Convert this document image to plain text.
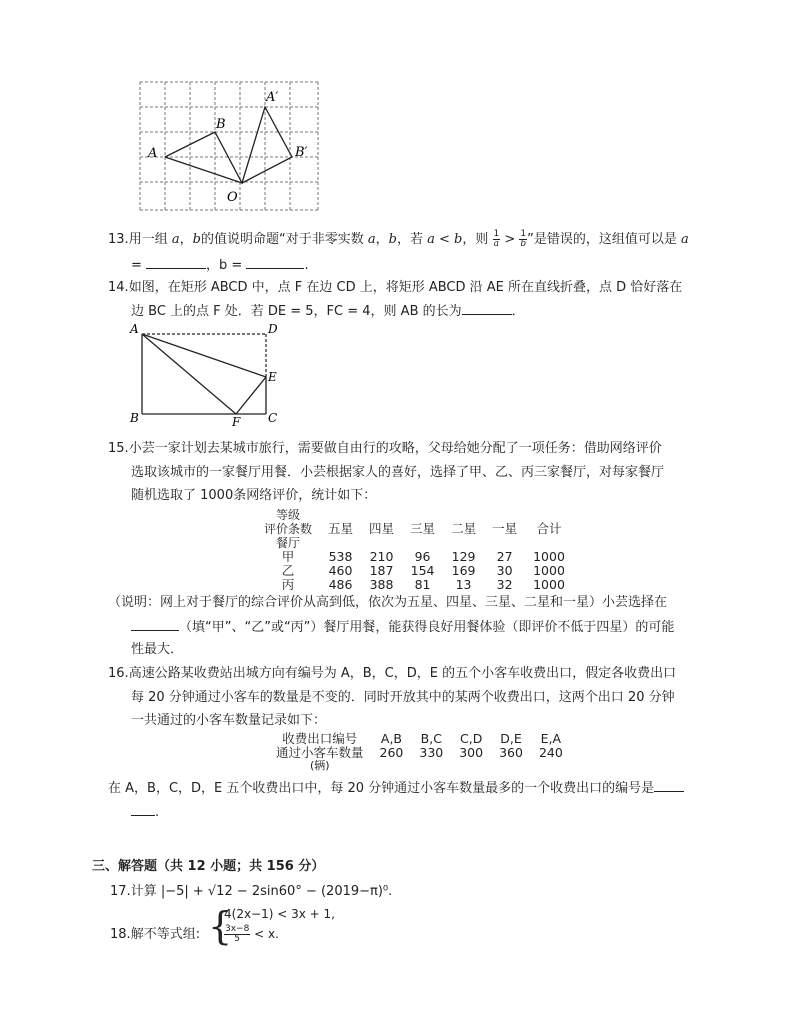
A
B
O
A′
B′
13.用一组 a，b的值说明命题“对于非零实数 a，b，若 a < b，则 $\frac{1}{a} > \frac{1}{b}$ ”是错误的，这组值可以是 a
=	，b =	.
14.如图，在矩形 ABCD 中，点 F 在边 CD 上，将矩形 ABCD 沿 AE 所在直线折叠，点 D 恰好落在
边 BC 上的点 F 处．若 DE = 5，FC = 4，则 AB 的长为	．
A	D
E
B	F C
15.小芸一家计划去某城市旅行，需要做自由行的攻略，父母给她分配了一项任务：借助网络评价
选取该城市的一家餐厅用餐．小芸根据家人的喜好，选择了甲、乙、丙三家餐厅，对每家餐厅
随机选取了 1000条网络评价，统计如下：
等级
评价条数
餐厅	五星	四星	三星	二星	一星	合计
甲	538	210	96	129	27	1000
乙	460	187	154	169	30	1000
丙	486	388	81	13	32	1000
（说明：网上对于餐厅的综合评价从高到低，依次为五星、四星、三星、二星和一星）小芸选择在
（填“甲”、“乙”或“丙”）餐厅用餐，能获得良好用餐体验（即评价不低于四星）的可能
性最大．
16.高速公路某收费站出城方向有编号为 A，B，C，D，E 的五个小客车收费出口，假定各收费出口
每 20 分钟通过小客车的数量是不变的．同时开放其中的某两个收费出口，这两个出口 20 分钟
一共通过的小客车数量记录如下：
收费出口编号	A,B	B,C	C,D	D,E	E,A

通过小客车数量
(辆)	260	330	300	360	240
在 A，B，C，D，E 五个收费出口中，每 20 分钟通过小客车数量最多的一个收费出口的编号是
.
三、解答题（共 12 小题；共 156 分）
17.计算 |−5| + √12 − 2sin60° − (2019−π)⁰.
18.解不等式组: {
4(2x−1) < 3x + 1,
$\frac{3x-8}{5} < x$.
